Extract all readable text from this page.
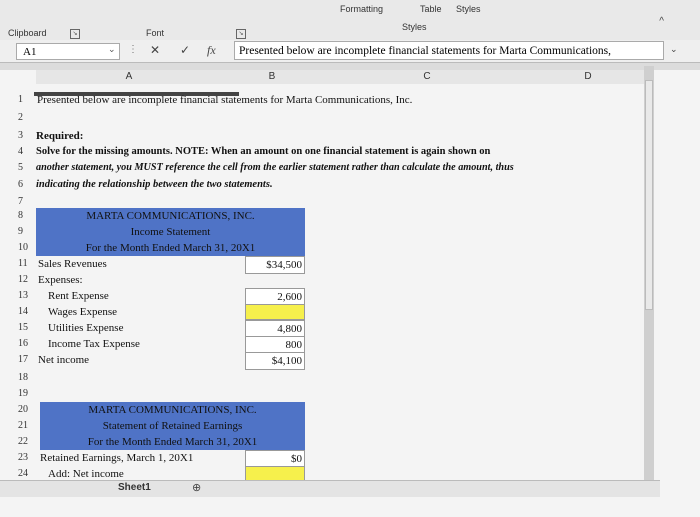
Clipboard	↘	Font	↘
Formatting	Table Styles
Styles	^
A1	⌄ ⋮ ✕ ✓ fx	Presented below are incomplete financial statements for Marta Communications,	⌄
A	B	C	D
1	Presented below are incomplete financial statements for Marta Communications, Inc.
2
3	Required:
4	Solve for the missing amounts. NOTE: When an amount on one financial statement is again shown on
5	another statement, you MUST reference the cell from the earlier statement rather than calculate the amount, thus
6	indicating the relationship between the two statements.
7
8	MARTA COMMUNICATIONS, INC.
9	Income Statement
10	For the Month Ended March 31, 20X1
11 Sales Revenues	$34,500
12 Expenses:
13	Rent Expense	2,600
14	Wages Expense
15	Utilities Expense	4,800
16	Income Tax Expense	800
17 Net income	$4,100
18
19
20	MARTA COMMUNICATIONS, INC.
21	Statement of Retained Earnings
22	For the Month Ended March 31, 20X1
23	Retained Earnings, March 1, 20X1	$0
24	Add: Net income
Sheet1	⊕
